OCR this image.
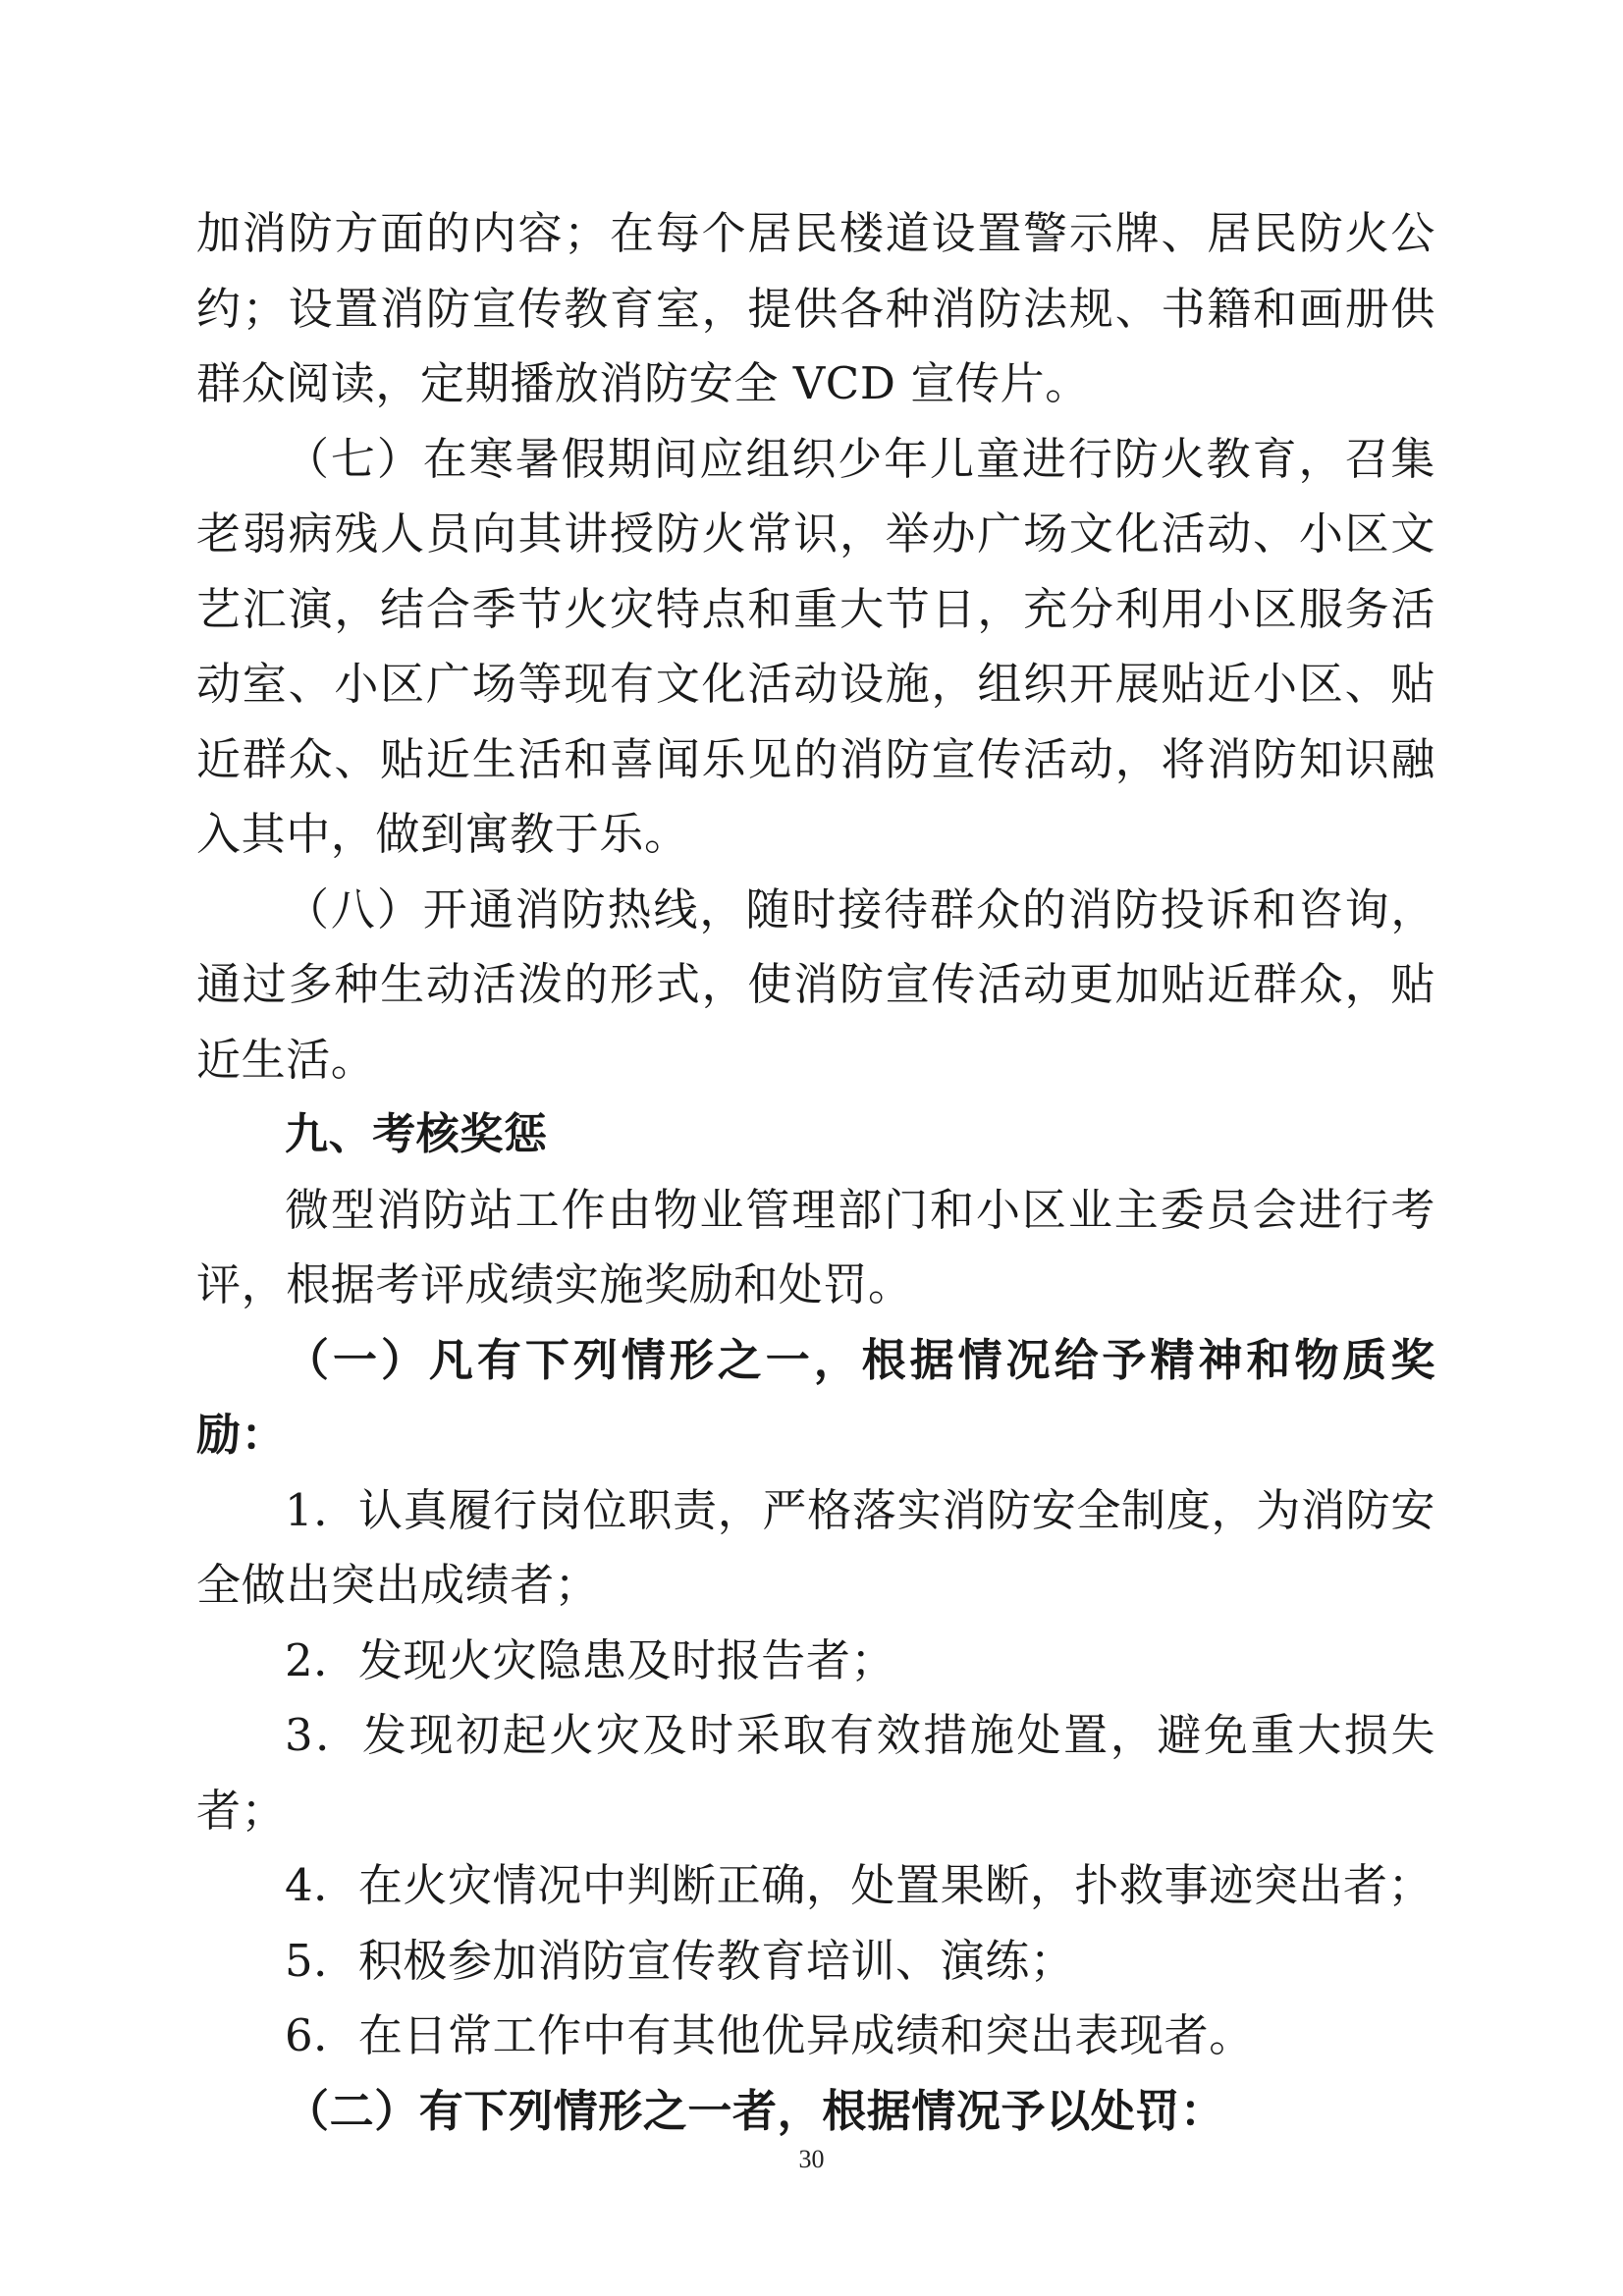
加消防方面的内容；在每个居民楼道设置警示牌、居民防火公约；设置消防宣传教育室，提供各种消防法规、书籍和画册供群众阅读，定期播放消防安全 VCD 宣传片。

（七）在寒暑假期间应组织少年儿童进行防火教育，召集老弱病残人员向其讲授防火常识，举办广场文化活动、小区文艺汇演，结合季节火灾特点和重大节日，充分利用小区服务活动室、小区广场等现有文化活动设施，组织开展贴近小区、贴近群众、贴近生活和喜闻乐见的消防宣传活动，将消防知识融入其中，做到寓教于乐。

（八）开通消防热线，随时接待群众的消防投诉和咨询，通过多种生动活泼的形式，使消防宣传活动更加贴近群众，贴近生活。

九、考核奖惩

微型消防站工作由物业管理部门和小区业主委员会进行考评，根据考评成绩实施奖励和处罚。

（一）凡有下列情形之一，根据情况给予精神和物质奖励：

1．认真履行岗位职责，严格落实消防安全制度，为消防安全做出突出成绩者；

2．发现火灾隐患及时报告者；

3．发现初起火灾及时采取有效措施处置，避免重大损失者；

4．在火灾情况中判断正确，处置果断，扑救事迹突出者；

5．积极参加消防宣传教育培训、演练；

6．在日常工作中有其他优异成绩和突出表现者。

（二）有下列情形之一者，根据情况予以处罚：

30
